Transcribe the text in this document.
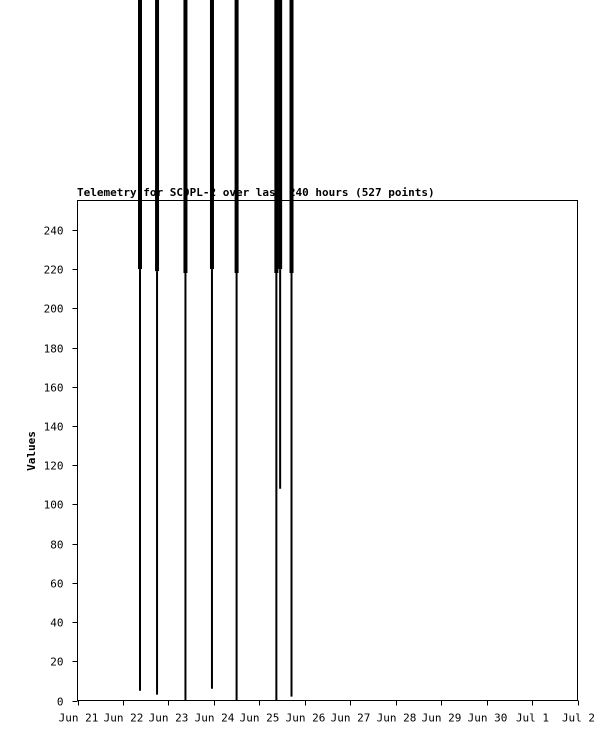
Telemetry for SC9PL-2 over last 240 hours (527 points)
0
20
40
60
80
100
120
140
160
180
200
220
240
Jun 21 Jun 22 Jun 23 Jun 24 Jun 25 Jun 26 Jun 27 Jun 28 Jun 29 Jun 30 Jul 1 Jul 2
Values
